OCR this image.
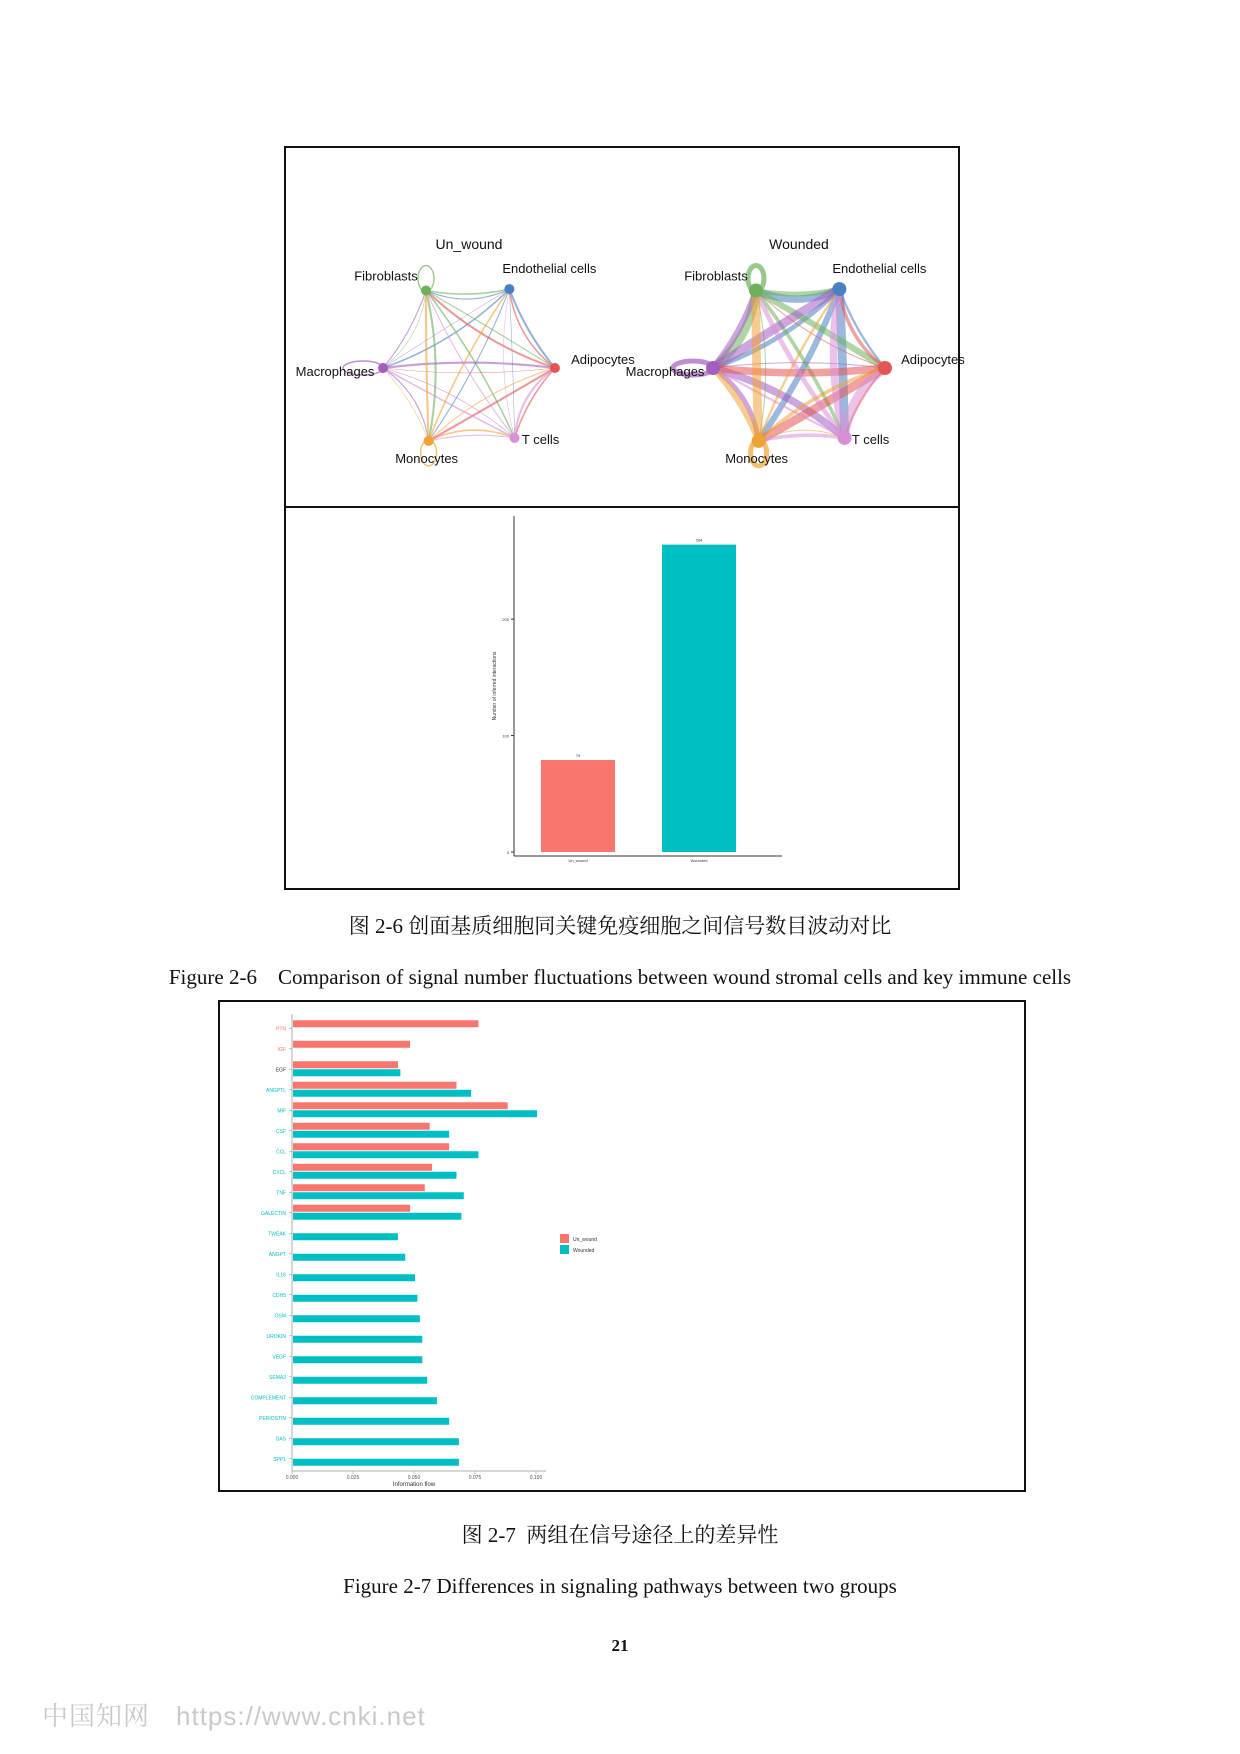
Endothelial cells
Fibroblasts
Macrophages
Adipocytes
T cells
Monocytes
Un_wound
Endothelial cells
Fibroblasts
Macrophages
Adipocytes
T cells
Monocytes
Wounded
0
100
200
Number of inferred interactions
79
Un_wound
264
Wounded
图 2-6 创面基质细胞同关键免疫细胞之间信号数目波动对比
Figure 2-6    Comparison of signal number fluctuations between wound stromal cells and key immune cells
PTN
IGF
EGF
ANGPTL
MIF
CSF
CCL
CXCL
TNF
GALECTIN
TWEAK
ANGPT
IL16
CDH5
OSM
UROKIN
VEGF
SEMA3
COMPLEMENT
PERIOSTIN
GAS
SPP1
0.000	0.025	0.050	0.075	0.100
Information flow
Un_wound
Wounded
图 2-7  两组在信号途径上的差异性
Figure 2-7 Differences in signaling pathways between two groups
21
中国知网 https://www.cnki.net
